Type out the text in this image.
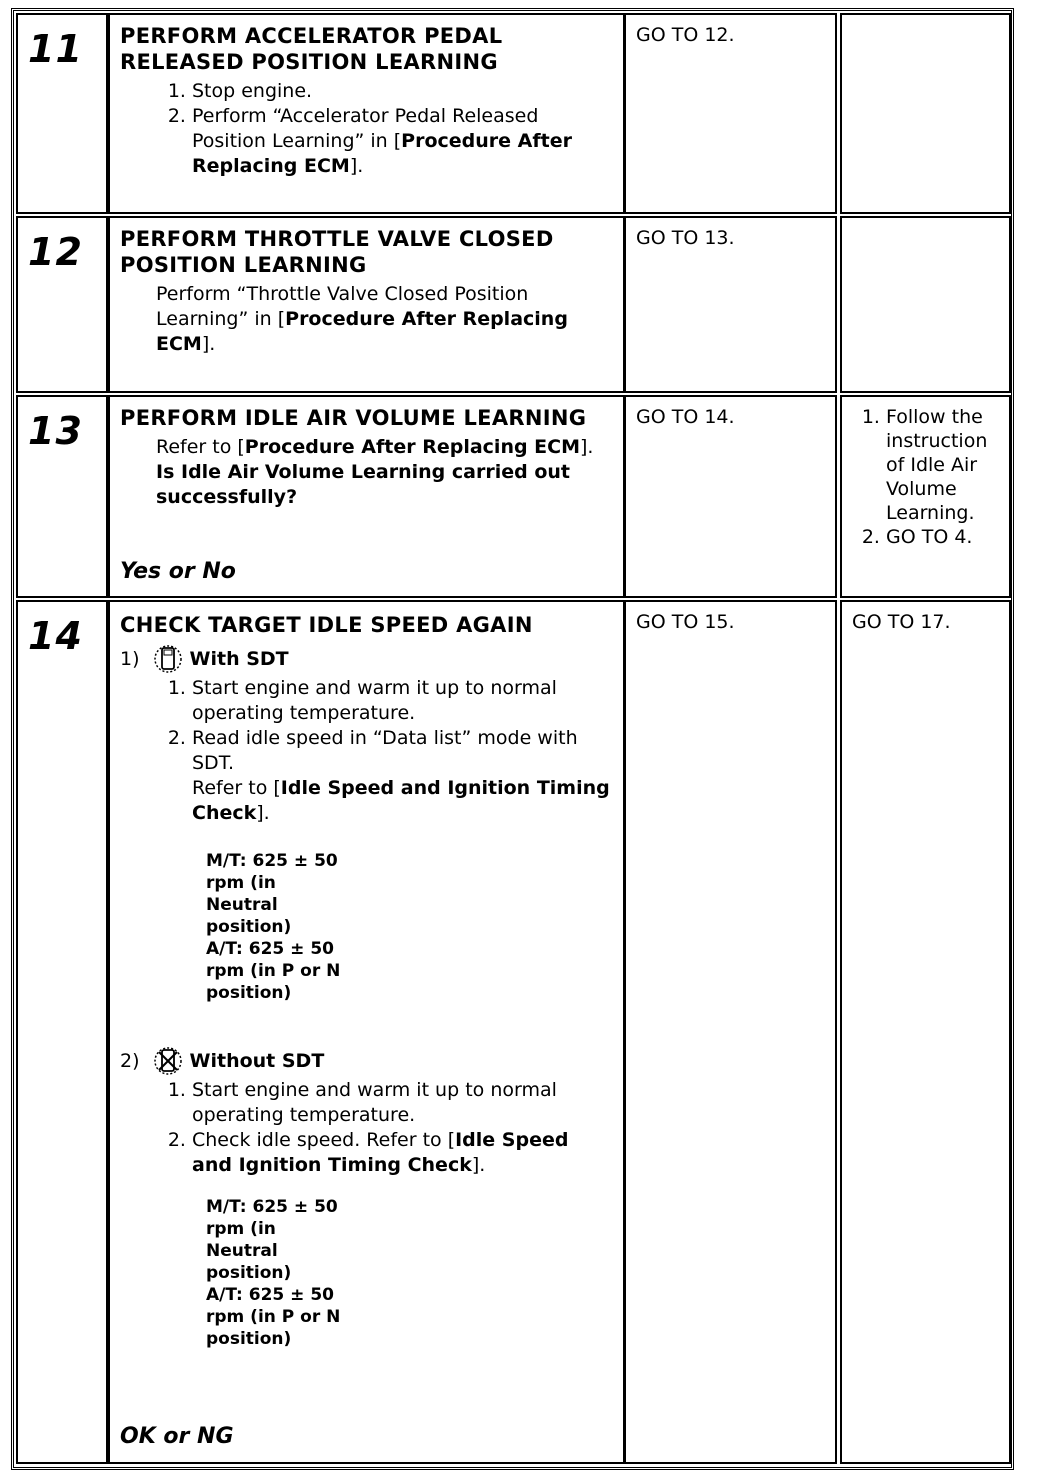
11 PERFORM ACCELERATOR PEDAL
RELEASED POSITION LEARNING
1. Stop engine.
2. Perform “Accelerator Pedal Released Position Learning” in [Procedure After Replacing ECM].
GO TO 12.
12 PERFORM THROTTLE VALVE CLOSED
POSITION LEARNING
Perform “Throttle Valve Closed Position Learning” in [Procedure After Replacing ECM].
GO TO 13.
13 PERFORM IDLE AIR VOLUME LEARNING
Refer to [Procedure After Replacing ECM].
Is Idle Air Volume Learning carried out successfully?
Yes or No
GO TO 14.
1.	Follow the instruction of Idle Air Volume Learning.
2. GO TO 4.
14 CHECK TARGET IDLE SPEED AGAIN
1)	With SDT
1. Start engine and warm it up to normal operating temperature.
2. Read idle speed in “Data list” mode with SDT.
Refer to [Idle Speed and Ignition Timing Check].
M/T: 625 ± 50
rpm (in
Neutral
position)
A/T: 625 ± 50
rpm (in P or N
position)
2)	Without SDT
1. Start engine and warm it up to normal operating temperature.
2. Check idle speed. Refer to [Idle Speed and Ignition Timing Check].
M/T: 625 ± 50
rpm (in
Neutral
position)
A/T: 625 ± 50
rpm (in P or N
position)
OK or NG
GO TO 15.	GO TO 17.
